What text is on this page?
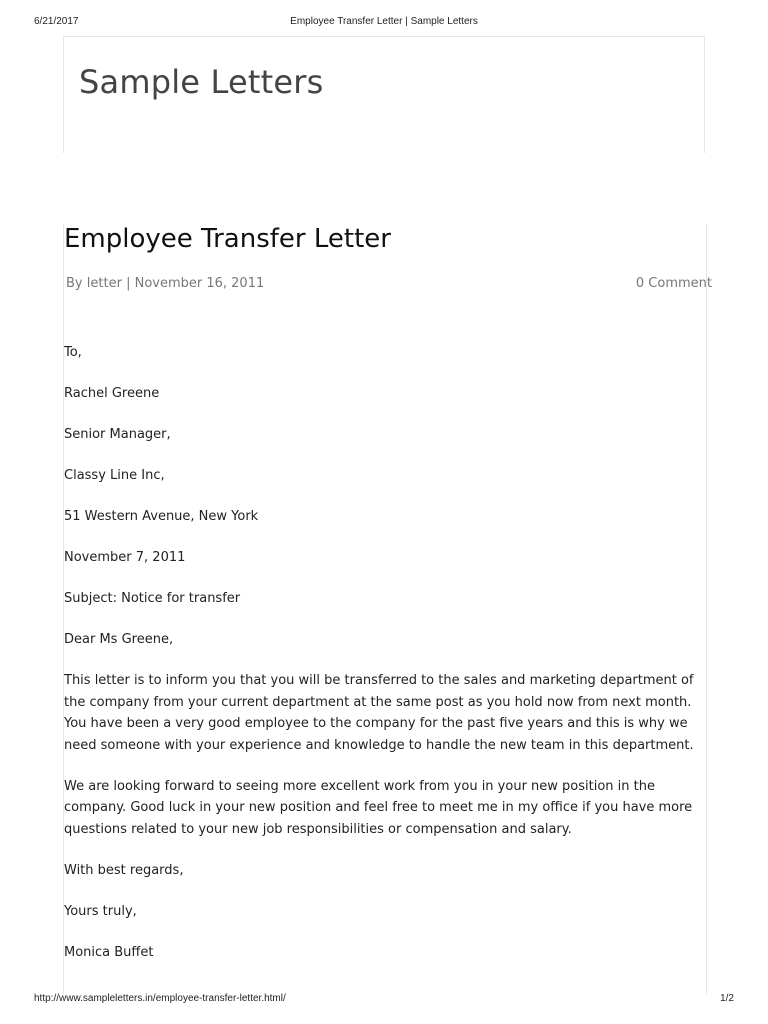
6/21/2017	Employee Transfer Letter | Sample Letters
Sample Letters
Employee Transfer Letter
By letter | November 16, 2011	0 Comment

To,

Rachel Greene

Senior Manager,

Classy Line Inc,

51 Western Avenue, New York

November 7, 2011

Subject: Notice for transfer

Dear Ms Greene,

This letter is to inform you that you will be transferred to the sales and marketing department of the company from your current department at the same post as you hold now from next month. You have been a very good employee to the company for the past five years and this is why we need someone with your experience and knowledge to handle the new team in this department.

We are looking forward to seeing more excellent work from you in your new position in the company. Good luck in your new position and feel free to meet me in my office if you have more questions related to your new job responsibilities or compensation and salary.

With best regards,

Yours truly,

Monica Buffet

http://www.sampleletters.in/employee-transfer-letter.html/	1/2
